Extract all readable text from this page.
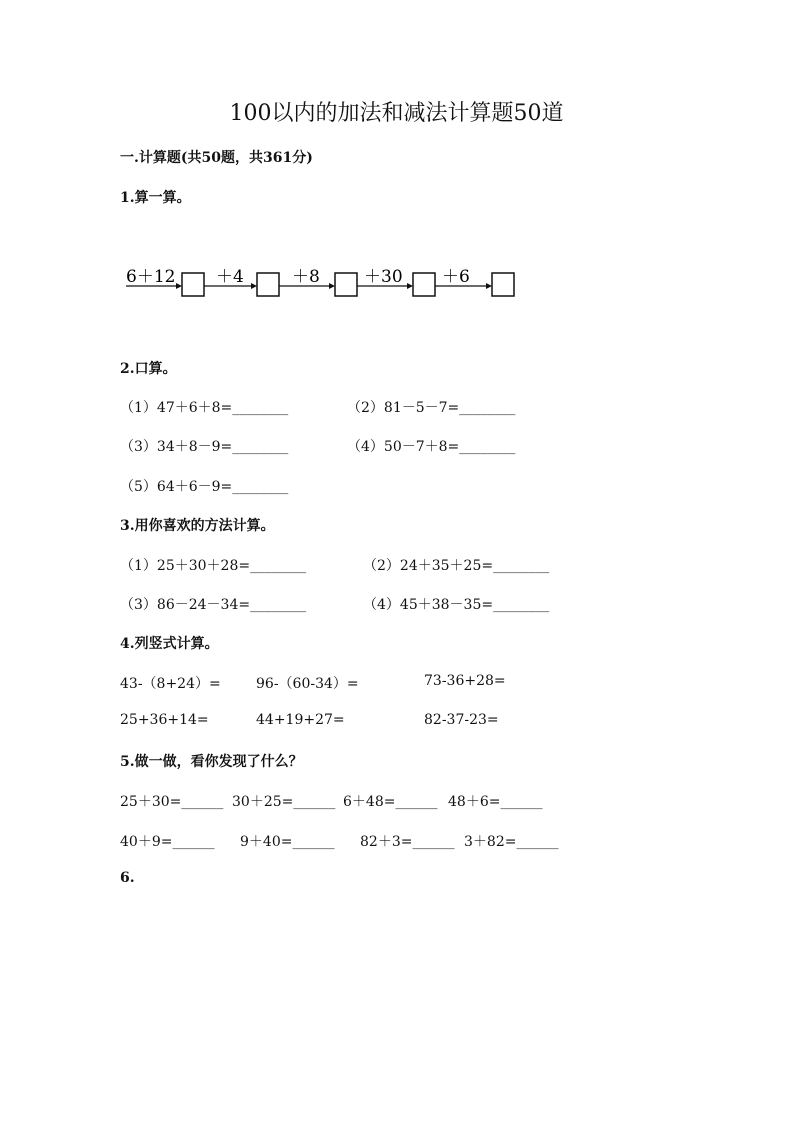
100以内的加法和减法计算题50道
一.计算题(共50题，共361分)
1.算一算。
6＋12 ＋4	＋8	＋30 ＋6
2.口算。
（1）47＋6＋8=________	（2）81－5－7=________
（3）34＋8－9=________	（4）50－7＋8=________
（5）64＋6－9=________
3.用你喜欢的方法计算。
（1）25＋30＋28=________	（2）24＋35＋25=________
（3）86－24－34=________	（4）45＋38－35=________
4.列竖式计算。
43-（8+24）=	96-（60-34）=	73-36+28=
25+36+14=	44+19+27=	82-37-23=
5.做一做，看你发现了什么？
25＋30=______ 30＋25=______ 6＋48=______ 48＋6=______
40＋9=______ 9＋40=______ 82＋3=______ 3＋82=______
6.
